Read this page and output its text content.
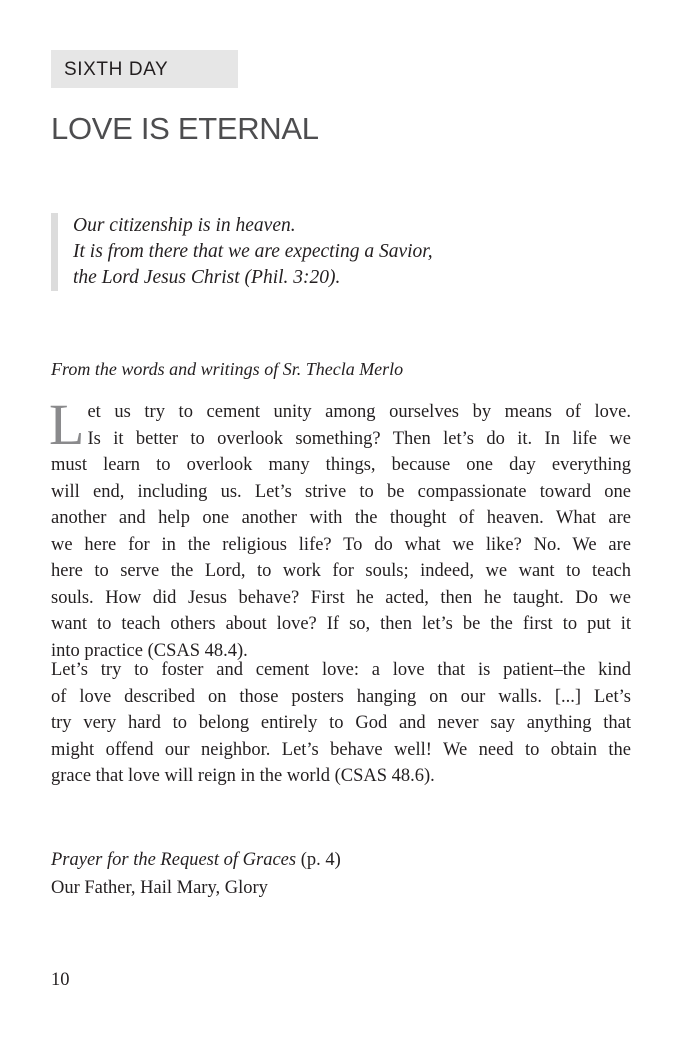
SIXTH DAY
LOVE IS ETERNAL
Our citizenship is in heaven.
It is from there that we are expecting a Savior,
the Lord Jesus Christ (Phil. 3:20).
From the words and writings of Sr. Thecla Merlo
L et us try to cement unity among ourselves by means of love.
Is it better to overlook something? Then let’s do it. In life we
must learn to overlook many things, because one day everything
will end, including us. Let’s strive to be compassionate toward one
another and help one another with the thought of heaven. What are
we here for in the religious life? To do what we like? No. We are
here to serve the Lord, to work for souls; indeed, we want to teach
souls. How did Jesus behave? First he acted, then he taught. Do we
want to teach others about love? If so, then let’s be the first to put it
into practice (CSAS 48.4).
Let’s try to foster and cement love: a love that is patient–the kind
of love described on those posters hanging on our walls. [...] Let’s
try very hard to belong entirely to God and never say anything that
might offend our neighbor. Let’s behave well! We need to obtain the
grace that love will reign in the world (CSAS 48.6).
Prayer for the Request of Graces (p. 4)
Our Father, Hail Mary, Glory
10
